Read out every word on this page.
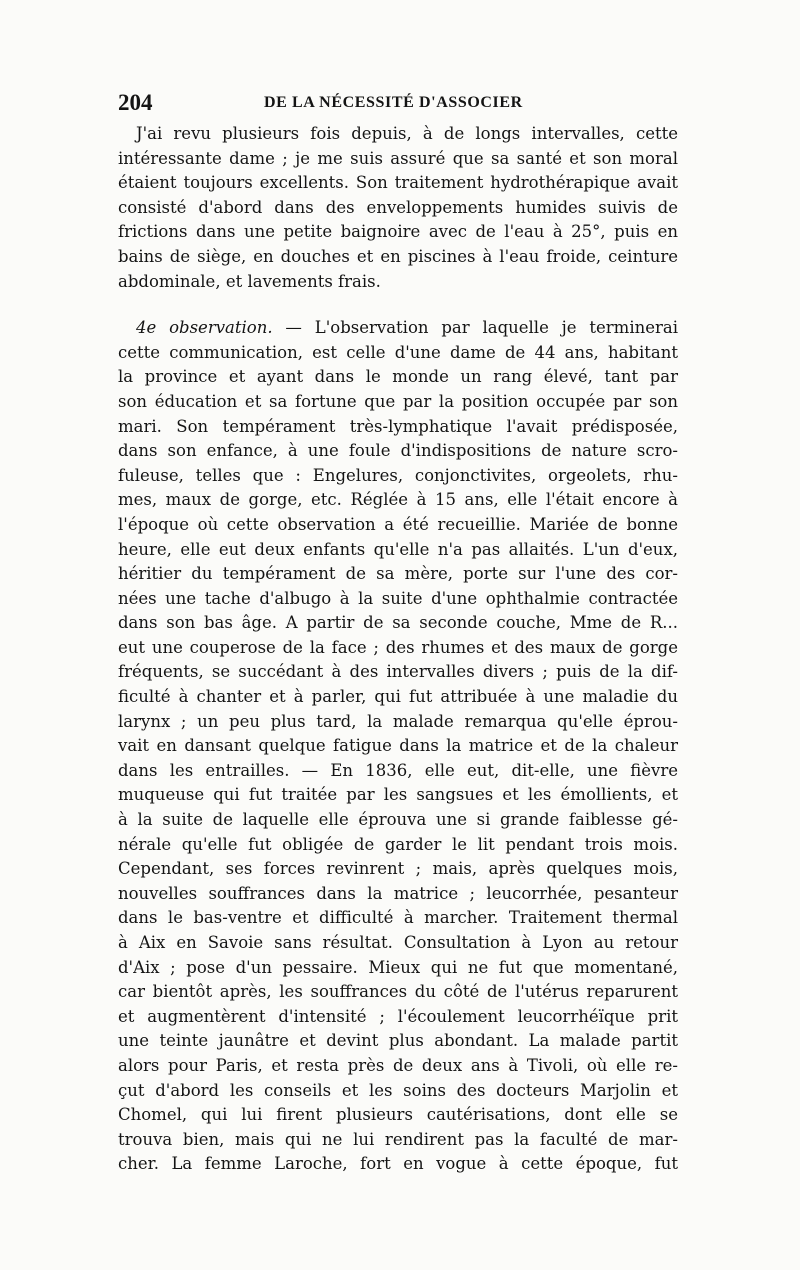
204	DE LA NÉCESSITÉ D'ASSOCIER
J'ai revu plusieurs fois depuis, à de longs intervalles, cette
intéressante dame ; je me suis assuré que sa santé et son moral
étaient toujours excellents. Son traitement hydrothérapique avait
consisté d'abord dans des enveloppements humides suivis de
frictions dans une petite baignoire avec de l'eau à 25°, puis en
bains de siège, en douches et en piscines à l'eau froide, ceinture
abdominale, et lavements frais.
4e observation. — L'observation par laquelle je terminerai
cette communication, est celle d'une dame de 44 ans, habitant
la province et ayant dans le monde un rang élevé, tant par
son éducation et sa fortune que par la position occupée par son
mari. Son tempérament très-lymphatique l'avait prédisposée,
dans son enfance, à une foule d'indispositions de nature scro-
fuleuse, telles que : Engelures, conjonctivites, orgeolets, rhu-
mes, maux de gorge, etc. Réglée à 15 ans, elle l'était encore à
l'époque où cette observation a été recueillie. Mariée de bonne
heure, elle eut deux enfants qu'elle n'a pas allaités. L'un d'eux,
héritier du tempérament de sa mère, porte sur l'une des cor-
nées une tache d'albugo à la suite d'une ophthalmie contractée
dans son bas âge. A partir de sa seconde couche, Mme de R...
eut une couperose de la face ; des rhumes et des maux de gorge
fréquents, se succédant à des intervalles divers ; puis de la dif-
ficulté à chanter et à parler, qui fut attribuée à une maladie du
larynx ; un peu plus tard, la malade remarqua qu'elle éprou-
vait en dansant quelque fatigue dans la matrice et de la chaleur
dans les entrailles. — En 1836, elle eut, dit-elle, une fièvre
muqueuse qui fut traitée par les sangsues et les émollients, et
à la suite de laquelle elle éprouva une si grande faiblesse gé-
nérale qu'elle fut obligée de garder le lit pendant trois mois.
Cependant, ses forces revinrent ; mais, après quelques mois,
nouvelles souffrances dans la matrice ; leucorrhée, pesanteur
dans le bas-ventre et difficulté à marcher. Traitement thermal
à Aix en Savoie sans résultat. Consultation à Lyon au retour
d'Aix ; pose d'un pessaire. Mieux qui ne fut que momentané,
car bientôt après, les souffrances du côté de l'utérus reparurent
et augmentèrent d'intensité ; l'écoulement leucorrhéïque prit
une teinte jaunâtre et devint plus abondant. La malade partit
alors pour Paris, et resta près de deux ans à Tivoli, où elle re-
çut d'abord les conseils et les soins des docteurs Marjolin et
Chomel, qui lui firent plusieurs cautérisations, dont elle se
trouva bien, mais qui ne lui rendirent pas la faculté de mar-
cher. La femme Laroche, fort en vogue à cette époque, fut
